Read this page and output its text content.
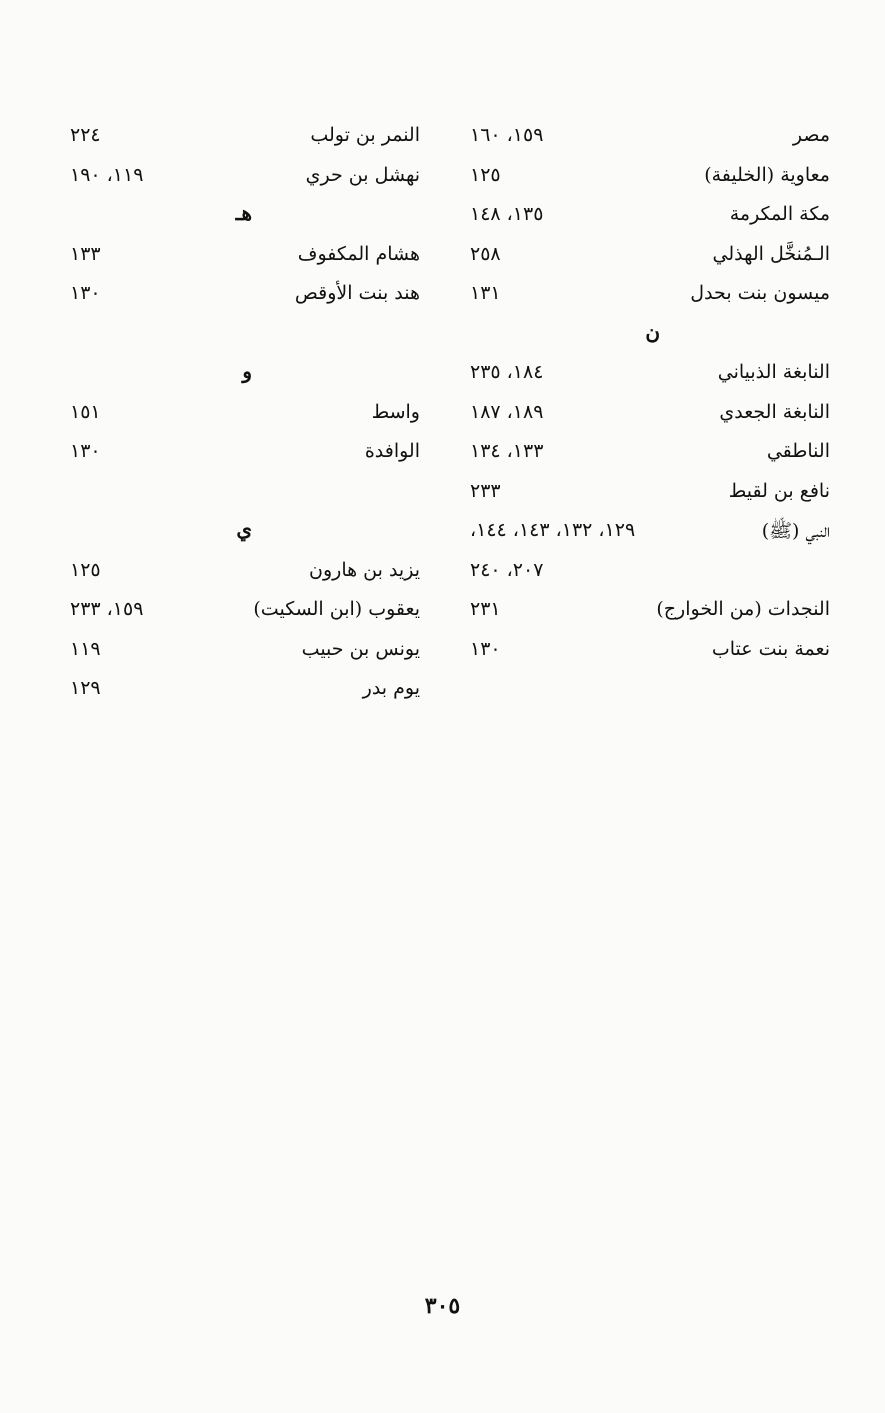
مصر
١٥٩، ١٦٠
معاوية (الخليفة)
١٢٥
مكة المكرمة
١٣٥، ١٤٨
الـمُنخَّل الهذلي
٢٥٨
ميسون بنت بحدل
١٣١
ن
النابغة الذبياني
١٨٤، ٢٣٥
النابغة الجعدي
١٨٩، ١٨٧
الناطقي
١٣٣، ١٣٤
نافع بن لقيط
٢٣٣
النبي (ﷺ)
١٢٩، ١٣٢، ١٤٣، ١٤٤،
٢٠٧، ٢٤٠
النجدات (من الخوارج)
٢٣١
نعمة بنت عتاب
١٣٠
النمر بن تولب
٢٢٤
نهشل بن حري
١١٩، ١٩٠
هـ
هشام المكفوف
١٣٣
هند بنت الأوقص
١٣٠
و
واسط
١٥١
الوافدة
١٣٠
ي
يزيد بن هارون
١٢٥
يعقوب (ابن السكيت)
١٥٩، ٢٣٣
يونس بن حبيب
١١٩
يوم بدر
١٢٩
٣٠٥
